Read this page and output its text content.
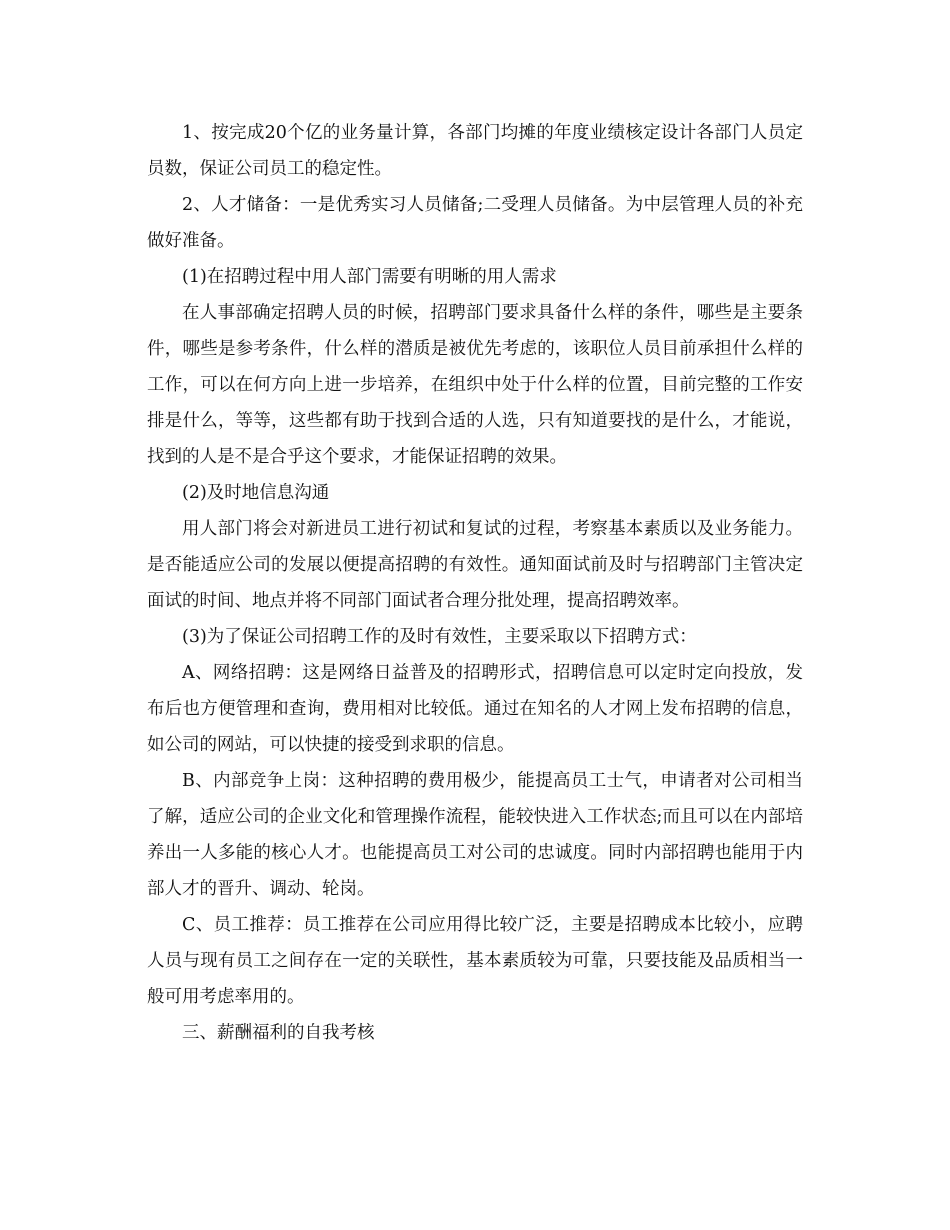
1、按完成20个亿的业务量计算，各部门均摊的年度业绩核定设计各部门人员定员数，保证公司员工的稳定性。

2、人才储备：一是优秀实习人员储备;二受理人员储备。为中层管理人员的补充做好准备。

(1)在招聘过程中用人部门需要有明晰的用人需求

在人事部确定招聘人员的时候，招聘部门要求具备什么样的条件，哪些是主要条件，哪些是参考条件，什么样的潜质是被优先考虑的，该职位人员目前承担什么样的工作，可以在何方向上进一步培养，在组织中处于什么样的位置，目前完整的工作安排是什么，等等，这些都有助于找到合适的人选，只有知道要找的是什么，才能说，找到的人是不是合乎这个要求，才能保证招聘的效果。

(2)及时地信息沟通

用人部门将会对新进员工进行初试和复试的过程，考察基本素质以及业务能力。是否能适应公司的发展以便提高招聘的有效性。通知面试前及时与招聘部门主管决定面试的时间、地点并将不同部门面试者合理分批处理，提高招聘效率。

(3)为了保证公司招聘工作的及时有效性，主要采取以下招聘方式：

A、网络招聘：这是网络日益普及的招聘形式，招聘信息可以定时定向投放，发布后也方便管理和查询，费用相对比较低。通过在知名的人才网上发布招聘的信息，如公司的网站，可以快捷的接受到求职的信息。

B、内部竞争上岗：这种招聘的费用极少，能提高员工士气，申请者对公司相当了解，适应公司的企业文化和管理操作流程，能较快进入工作状态;而且可以在内部培养出一人多能的核心人才。也能提高员工对公司的忠诚度。同时内部招聘也能用于内部人才的晋升、调动、轮岗。

C、员工推荐：员工推荐在公司应用得比较广泛，主要是招聘成本比较小，应聘人员与现有员工之间存在一定的关联性，基本素质较为可靠，只要技能及品质相当一般可用考虑率用的。

三、薪酬福利的自我考核
